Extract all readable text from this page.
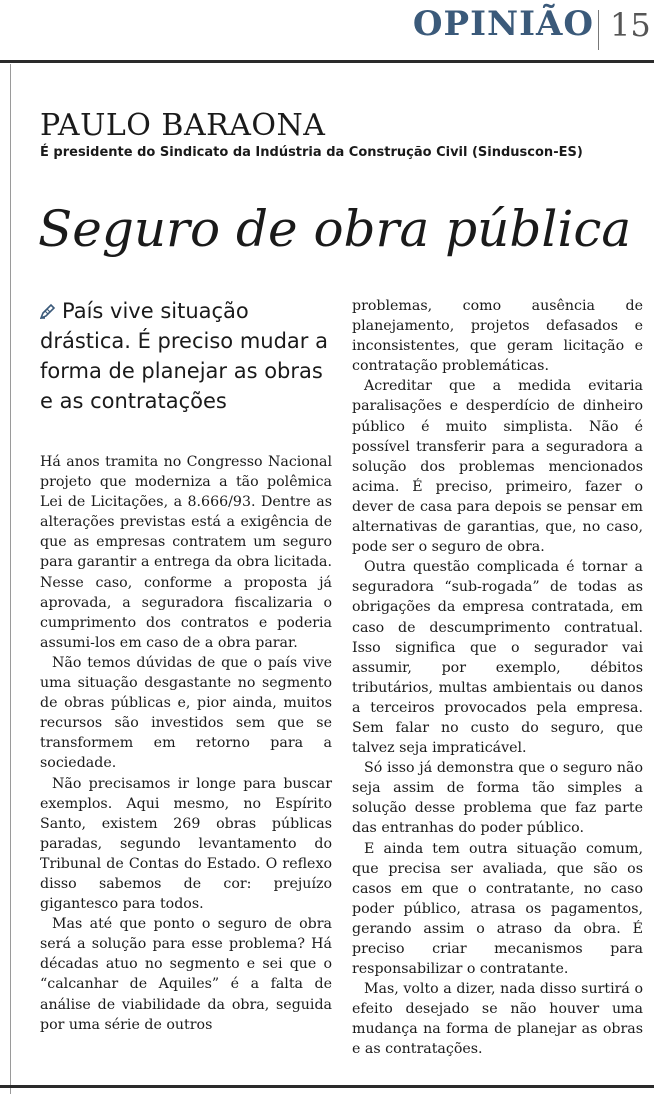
OPINIÃO 15
PAULO BARAONA
É presidente do Sindicato da Indústria da Construção Civil (Sinduscon-ES)
Seguro de obra pública
País vive situação drástica. É preciso mudar a forma de planejar as obras e as contratações

Há anos tramita no Congresso Nacional projeto que moderniza a tão polêmica Lei de Licitações, a 8.666/93. Dentre as alterações previstas está a exigência de que as empresas contratem um seguro para garantir a entrega da obra licitada. Nesse caso, conforme a proposta já aprovada, a seguradora fiscalizaria o cumprimento dos contratos e poderia assumi-los em caso de a obra parar.

Não temos dúvidas de que o país vive uma situação desgastante no segmento de obras públicas e, pior ainda, muitos recursos são investidos sem que se transformem em retorno para a sociedade.

Não precisamos ir longe para buscar exemplos. Aqui mesmo, no Espírito Santo, existem 269 obras públicas paradas, segundo levantamento do Tribunal de Contas do Estado. O reflexo disso sabemos de cor: prejuízo gigantesco para todos.

Mas até que ponto o seguro de obra será a solução para esse problema? Há décadas atuo no segmento e sei que o “calcanhar de Aquiles” é a falta de análise de viabilidade da obra, seguida por uma série de outros

problemas, como ausência de planejamento, projetos defasados e inconsistentes, que geram licitação e contratação problemáticas.

Acreditar que a medida evitaria paralisações e desperdício de dinheiro público é muito simplista. Não é possível transferir para a seguradora a solução dos problemas mencionados acima. É preciso, primeiro, fazer o dever de casa para depois se pensar em alternativas de garantias, que, no caso, pode ser o seguro de obra.

Outra questão complicada é tornar a seguradora “sub-rogada” de todas as obrigações da empresa contratada, em caso de descumprimento contratual. Isso significa que o segurador vai assumir, por exemplo, débitos tributários, multas ambientais ou danos a terceiros provocados pela empresa. Sem falar no custo do seguro, que talvez seja impraticável.

Só isso já demonstra que o seguro não seja assim de forma tão simples a solução desse problema que faz parte das entranhas do poder público.

E ainda tem outra situação comum, que precisa ser avaliada, que são os casos em que o contratante, no caso poder público, atrasa os pagamentos, gerando assim o atraso da obra. É preciso criar mecanismos para responsabilizar o contratante.

Mas, volto a dizer, nada disso surtirá o efeito desejado se não houver uma mudança na forma de planejar as obras e as contratações.
